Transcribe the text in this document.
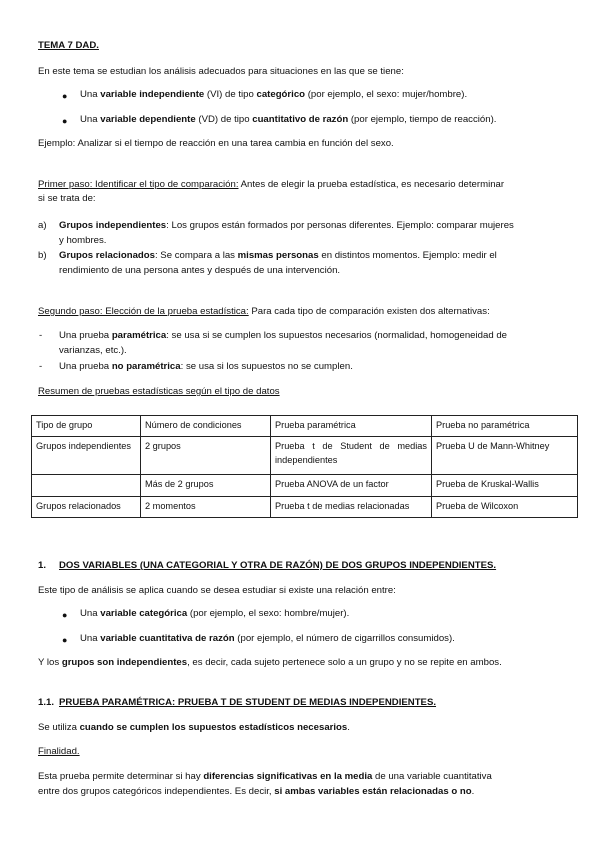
TEMA 7 DAD.
En este tema se estudian los análisis adecuados para situaciones en las que se tiene:
● Una variable independiente (VI) de tipo categórico (por ejemplo, el sexo: mujer/hombre).
● Una variable dependiente (VD) de tipo cuantitativo de razón (por ejemplo, tiempo de reacción).
Ejemplo: Analizar si el tiempo de reacción en una tarea cambia en función del sexo.
Primer paso: Identificar el tipo de comparación: Antes de elegir la prueba estadística, es necesario determinar
si se trata de:
a) Grupos independientes: Los grupos están formados por personas diferentes. Ejemplo: comparar mujeres
y hombres.
b) Grupos relacionados: Se compara a las mismas personas en distintos momentos. Ejemplo: medir el
rendimiento de una persona antes y después de una intervención.
Segundo paso: Elección de la prueba estadística: Para cada tipo de comparación existen dos alternativas:
- Una prueba paramétrica: se usa si se cumplen los supuestos necesarios (normalidad, homogeneidad de
varianzas, etc.).
- Una prueba no paramétrica: se usa si los supuestos no se cumplen.
Resumen de pruebas estadísticas según el tipo de datos
Tipo de grupo	Número de condiciones	Prueba paramétrica	Prueba no paramétrica
Grupos independientes	2 grupos	Prueba t de Student de medias independientes	Prueba U de Mann-Whitney
	Más de 2 grupos	Prueba ANOVA de un factor	Prueba de Kruskal-Wallis
Grupos relacionados	2 momentos	Prueba t de medias relacionadas	Prueba de Wilcoxon
1. DOS VARIABLES (UNA CATEGORIAL Y OTRA DE RAZÓN) DE DOS GRUPOS INDEPENDIENTES.
Este tipo de análisis se aplica cuando se desea estudiar si existe una relación entre:
● Una variable categórica (por ejemplo, el sexo: hombre/mujer).
● Una variable cuantitativa de razón (por ejemplo, el número de cigarrillos consumidos).
Y los grupos son independientes, es decir, cada sujeto pertenece solo a un grupo y no se repite en ambos.
1.1. PRUEBA PARAMÉTRICA: PRUEBA T DE STUDENT DE MEDIAS INDEPENDIENTES.
Se utiliza cuando se cumplen los supuestos estadísticos necesarios.
Finalidad.
Esta prueba permite determinar si hay diferencias significativas en la media de una variable cuantitativa
entre dos grupos categóricos independientes. Es decir, si ambas variables están relacionadas o no.
